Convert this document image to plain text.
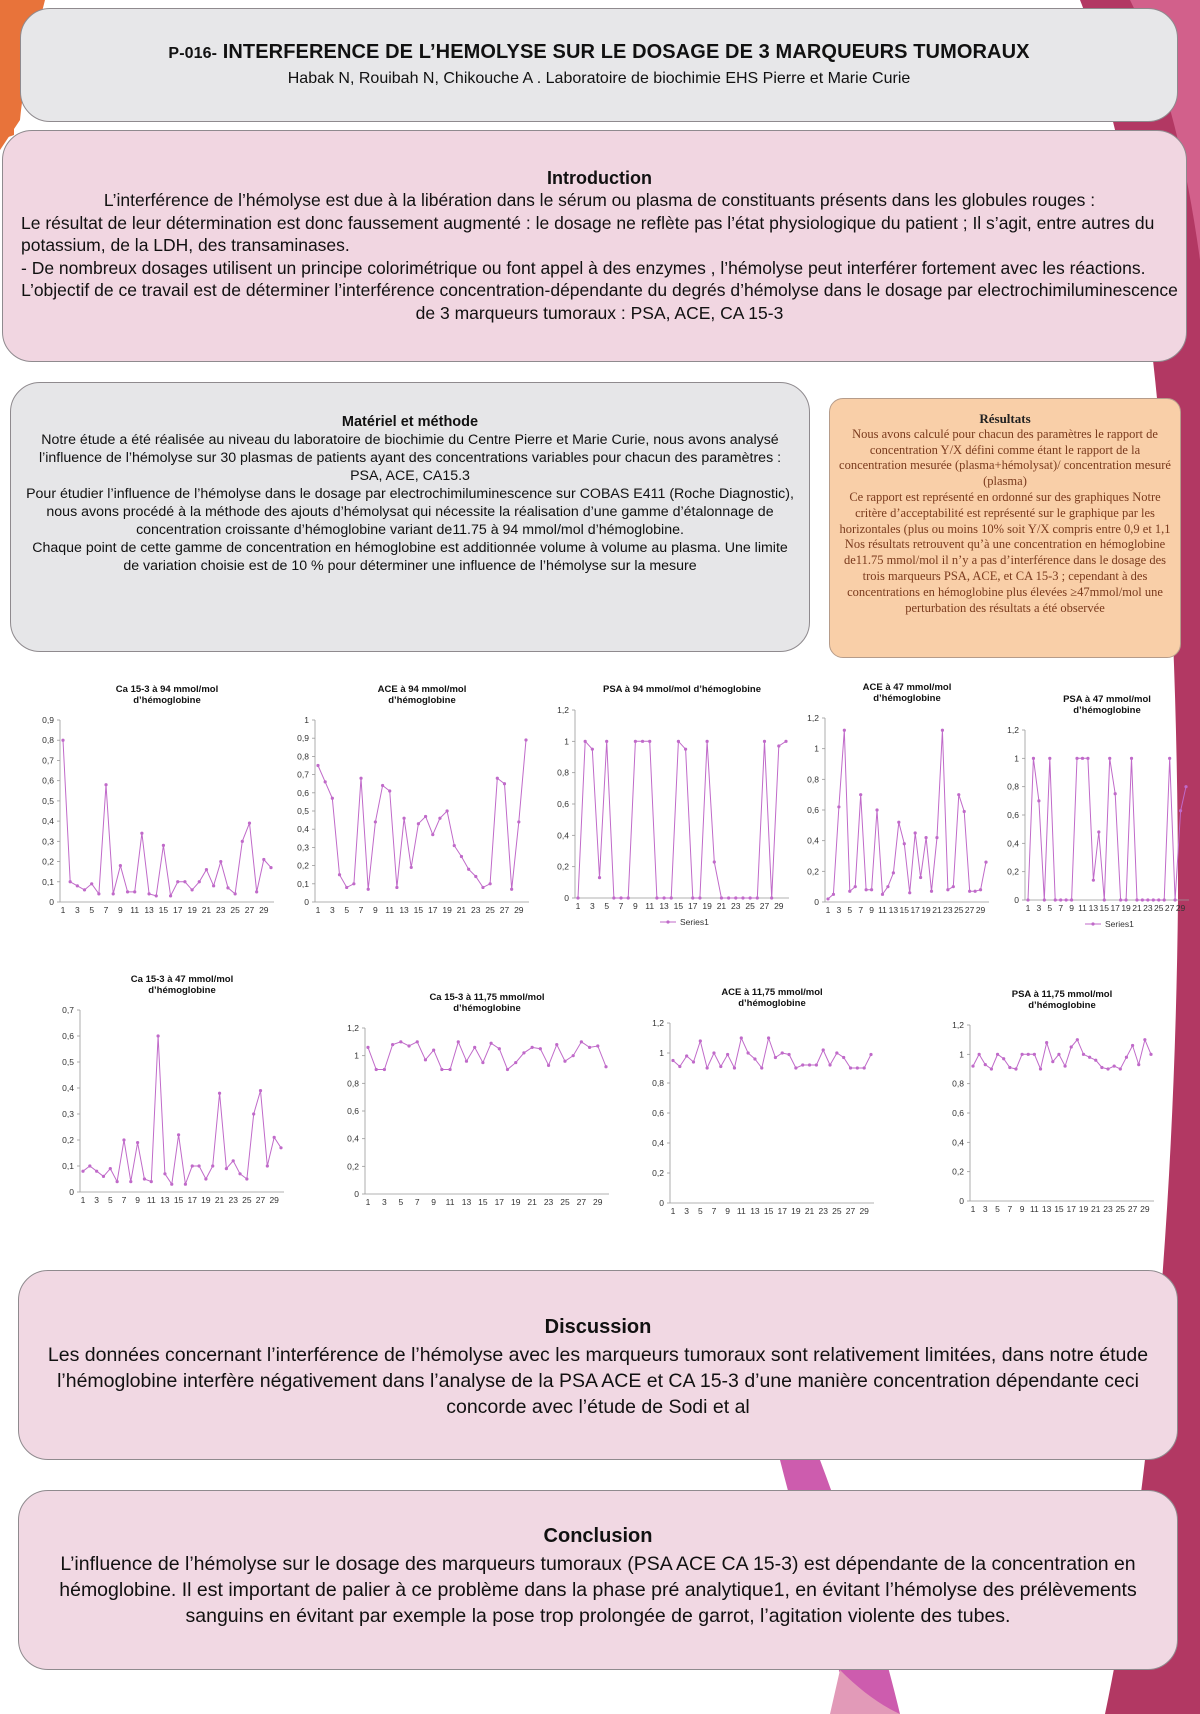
P-016- INTERFERENCE DE L’HEMOLYSE SUR LE DOSAGE DE 3 MARQUEURS TUMORAUX
Habak N, Rouibah N, Chikouche A . Laboratoire de biochimie EHS Pierre et Marie Curie
Introduction

L’interférence de l’hémolyse est due à la libération dans le sérum ou plasma de constituants présents dans les globules rouges :

Le résultat de leur détermination est donc faussement augmenté : le dosage ne reflète pas l’état physiologique du patient ; Il s’agit, entre autres du potassium, de la LDH, des transaminases.

- De nombreux dosages utilisent un principe colorimétrique ou font appel à des enzymes , l’hémolyse peut interférer fortement avec les réactions.

L’objectif de ce travail est de déterminer l’interférence concentration-dépendante du degrés d’hémolyse dans le dosage par electrochimiluminescence de 3 marqueurs tumoraux : PSA, ACE, CA 15-3

Matériel et méthode
Notre étude a été réalisée au niveau du laboratoire de biochimie du Centre Pierre et Marie Curie, nous avons analysé l’influence de l’hémolyse sur 30 plasmas de patients ayant des concentrations variables pour chacun des paramètres : PSA, ACE, CA15.3
Pour étudier l’influence de l’hémolyse dans le dosage par electrochimiluminescence sur COBAS E411 (Roche Diagnostic),
nous avons procédé à la méthode des ajouts d’hémolysat qui nécessite la réalisation d’une gamme d’étalonnage de concentration croissante d’hémoglobine variant de11.75 à 94 mmol/mol d’hémoglobine.
Chaque point de cette gamme de concentration en hémoglobine est additionnée volume à volume au plasma. Une limite de variation choisie est de 10 % pour déterminer une influence de l’hémolyse sur la mesure
Résultats
Nous avons calculé pour chacun des paramètres le rapport de concentration Y/X défini comme étant le rapport de la concentration mesurée (plasma+hémolysat)/ concentration mesuré (plasma)
Ce rapport est représenté en ordonné sur des graphiques Notre critère d’acceptabilité est représenté sur le graphique par les horizontales (plus ou moins 10% soit Y/X compris entre 0,9 et 1,1
Nos résultats retrouvent qu’à une concentration en hémoglobine de11.75 mmol/mol il n’y a pas d’interférence dans le dosage des trois marqueurs PSA, ACE, et CA 15-3 ; cependant à des concentrations en hémoglobine plus élevées ≥47mmol/mol une perturbation des résultats a été observée
Ca 15-3 à 94 mmol/mol
d’hémoglobine
0
0,1
0,2
0,3
0,4
0,5
0,6
0,7
0,8
0,9
1 3 5 7 9 11 13 15 17 19 21 23 25 27 29
ACE à 94 mmol/mol
d’hémoglobine
0
0,1
0,2
0,3
0,4
0,5
0,6
0,7
0,8
0,9
1
1 3 5 7 9 11 13 15 17 19 21 23 25 27 29
PSA à 94 mmol/mol d’hémoglobine
0
0,2
0,4
0,6
0,8
1
1,2
1 3 5 7 9 11 13 15 17 19 21 23 25 27 29
Series1
ACE à 47 mmol/mol
d’hémoglobine
0
0,2
0,4
0,6
0,8
1
1,2
1 3 5 7 9 11 13 15 17 19 21 23 25 27 29
PSA à 47 mmol/mol
d’hémoglobine
0
0,2
0,4
0,6
0,8
1
1,2
1 3 5 7 9 11 13 15 17 19 21 23 25 27 29
Series1
Ca 15-3 à 47 mmol/mol
d’hémoglobine
0
0,1
0,2
0,3
0,4
0,5
0,6
0,7
1 3 5 7 9 11 13 15 17 19 21 23 25 27 29
Ca 15-3 à 11,75 mmol/mol
d’hémoglobine
0
0,2
0,4
0,6
0,8
1
1,2
1 3 5 7 9 11 13 15 17 19 21 23 25 27 29
ACE à 11,75 mmol/mol
d’hémoglobine
0
0,2
0,4
0,6
0,8
1
1,2
1 3 5 7 9 11 13 15 17 19 21 23 25 27 29
PSA à 11,75 mmol/mol
d’hémoglobine
0
0,2
0,4
0,6
0,8
1
1,2
1 3 5 7 9 11 13 15 17 19 21 23 25 27 29
Discussion
Les données concernant l’interférence de l’hémolyse avec les marqueurs tumoraux sont relativement limitées, dans notre étude l’hémoglobine interfère négativement dans l’analyse de la PSA ACE et CA 15-3 d’une manière concentration dépendante ceci concorde avec l’étude de Sodi et al
Conclusion
L’influence de l’hémolyse sur le dosage des marqueurs tumoraux (PSA ACE CA 15-3) est dépendante de la concentration en hémoglobine. Il est important de palier à ce problème dans la phase pré analytique1, en évitant l’hémolyse des prélèvements sanguins en évitant par exemple la pose trop prolongée de garrot, l’agitation violente des tubes.
